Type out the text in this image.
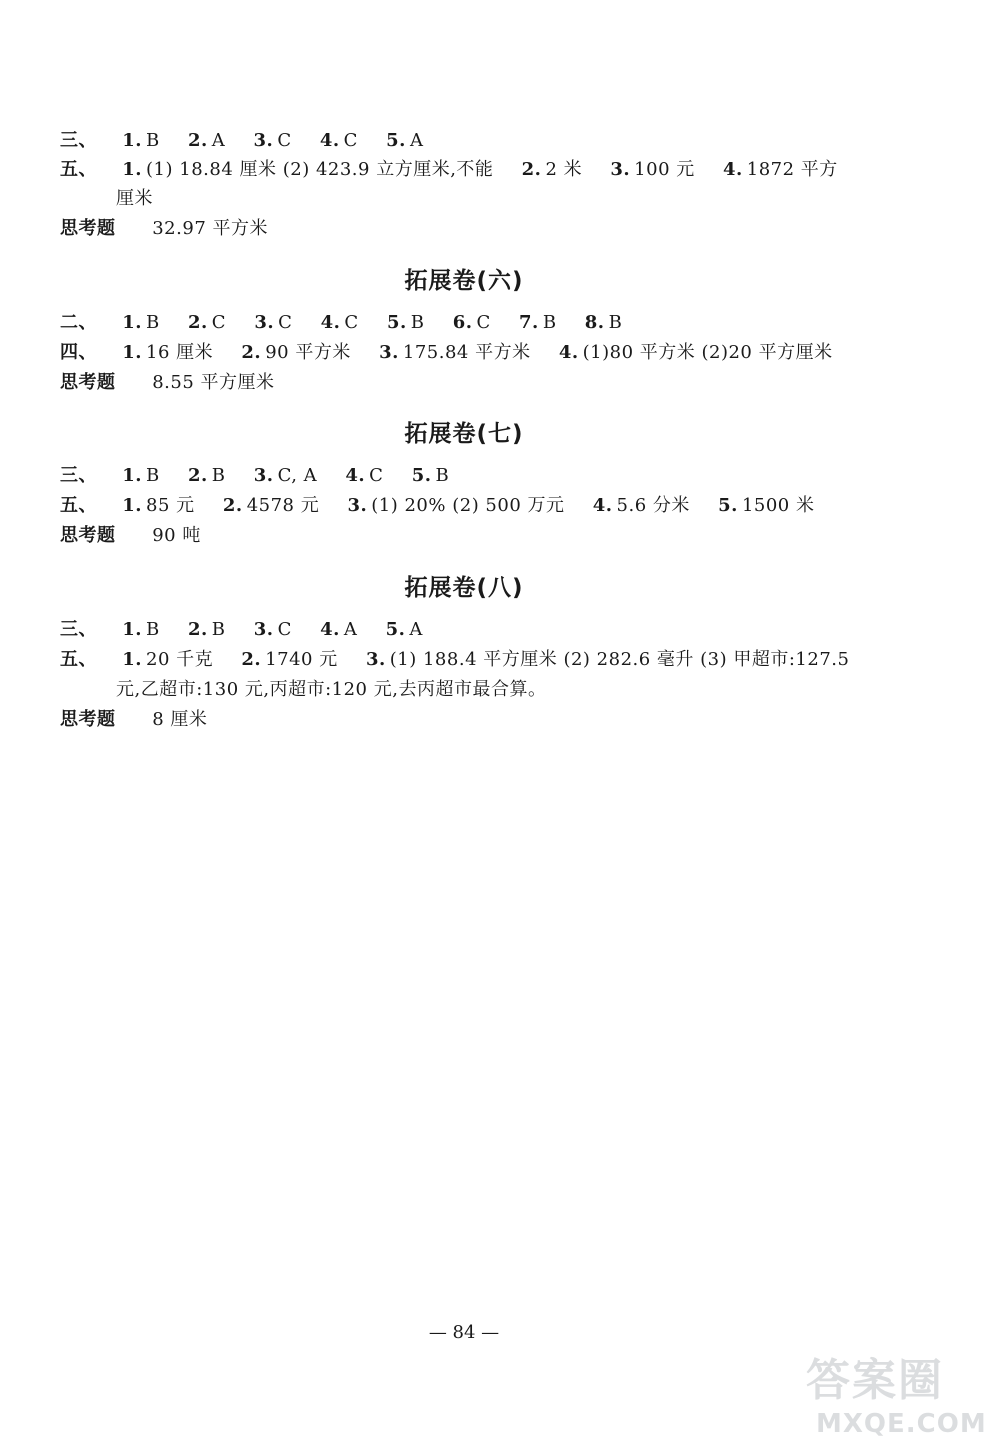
三、 1. B 2. A 3. C 4. C 5. A
五、 1. (1) 18.84 厘米 (2) 423.9 立方厘米,不能 2. 2 米 3. 100 元 4. 1872 平方
厘米
思考题 32.97 平方米
拓展卷(六)
二、 1. B 2. C 3. C 4. C 5. B 6. C 7. B 8. B
四、 1. 16 厘米 2. 90 平方米 3. 175.84 平方米 4. (1)80 平方米 (2)20 平方厘米
思考题 8.55 平方厘米
拓展卷(七)
三、 1. B 2. B 3. C, A 4. C 5. B
五、 1. 85 元 2. 4578 元 3. (1) 20% (2) 500 万元 4. 5.6 分米 5. 1500 米
思考题 90 吨
拓展卷(八)
三、 1. B 2. B 3. C 4. A 5. A
五、 1. 20 千克 2. 1740 元 3. (1) 188.4 平方厘米 (2) 282.6 毫升 (3) 甲超市:127.5
元,乙超市:130 元,丙超市:120 元,去丙超市最合算。
思考题 8 厘米
— 84 —
答案圈
MXQE.COM
